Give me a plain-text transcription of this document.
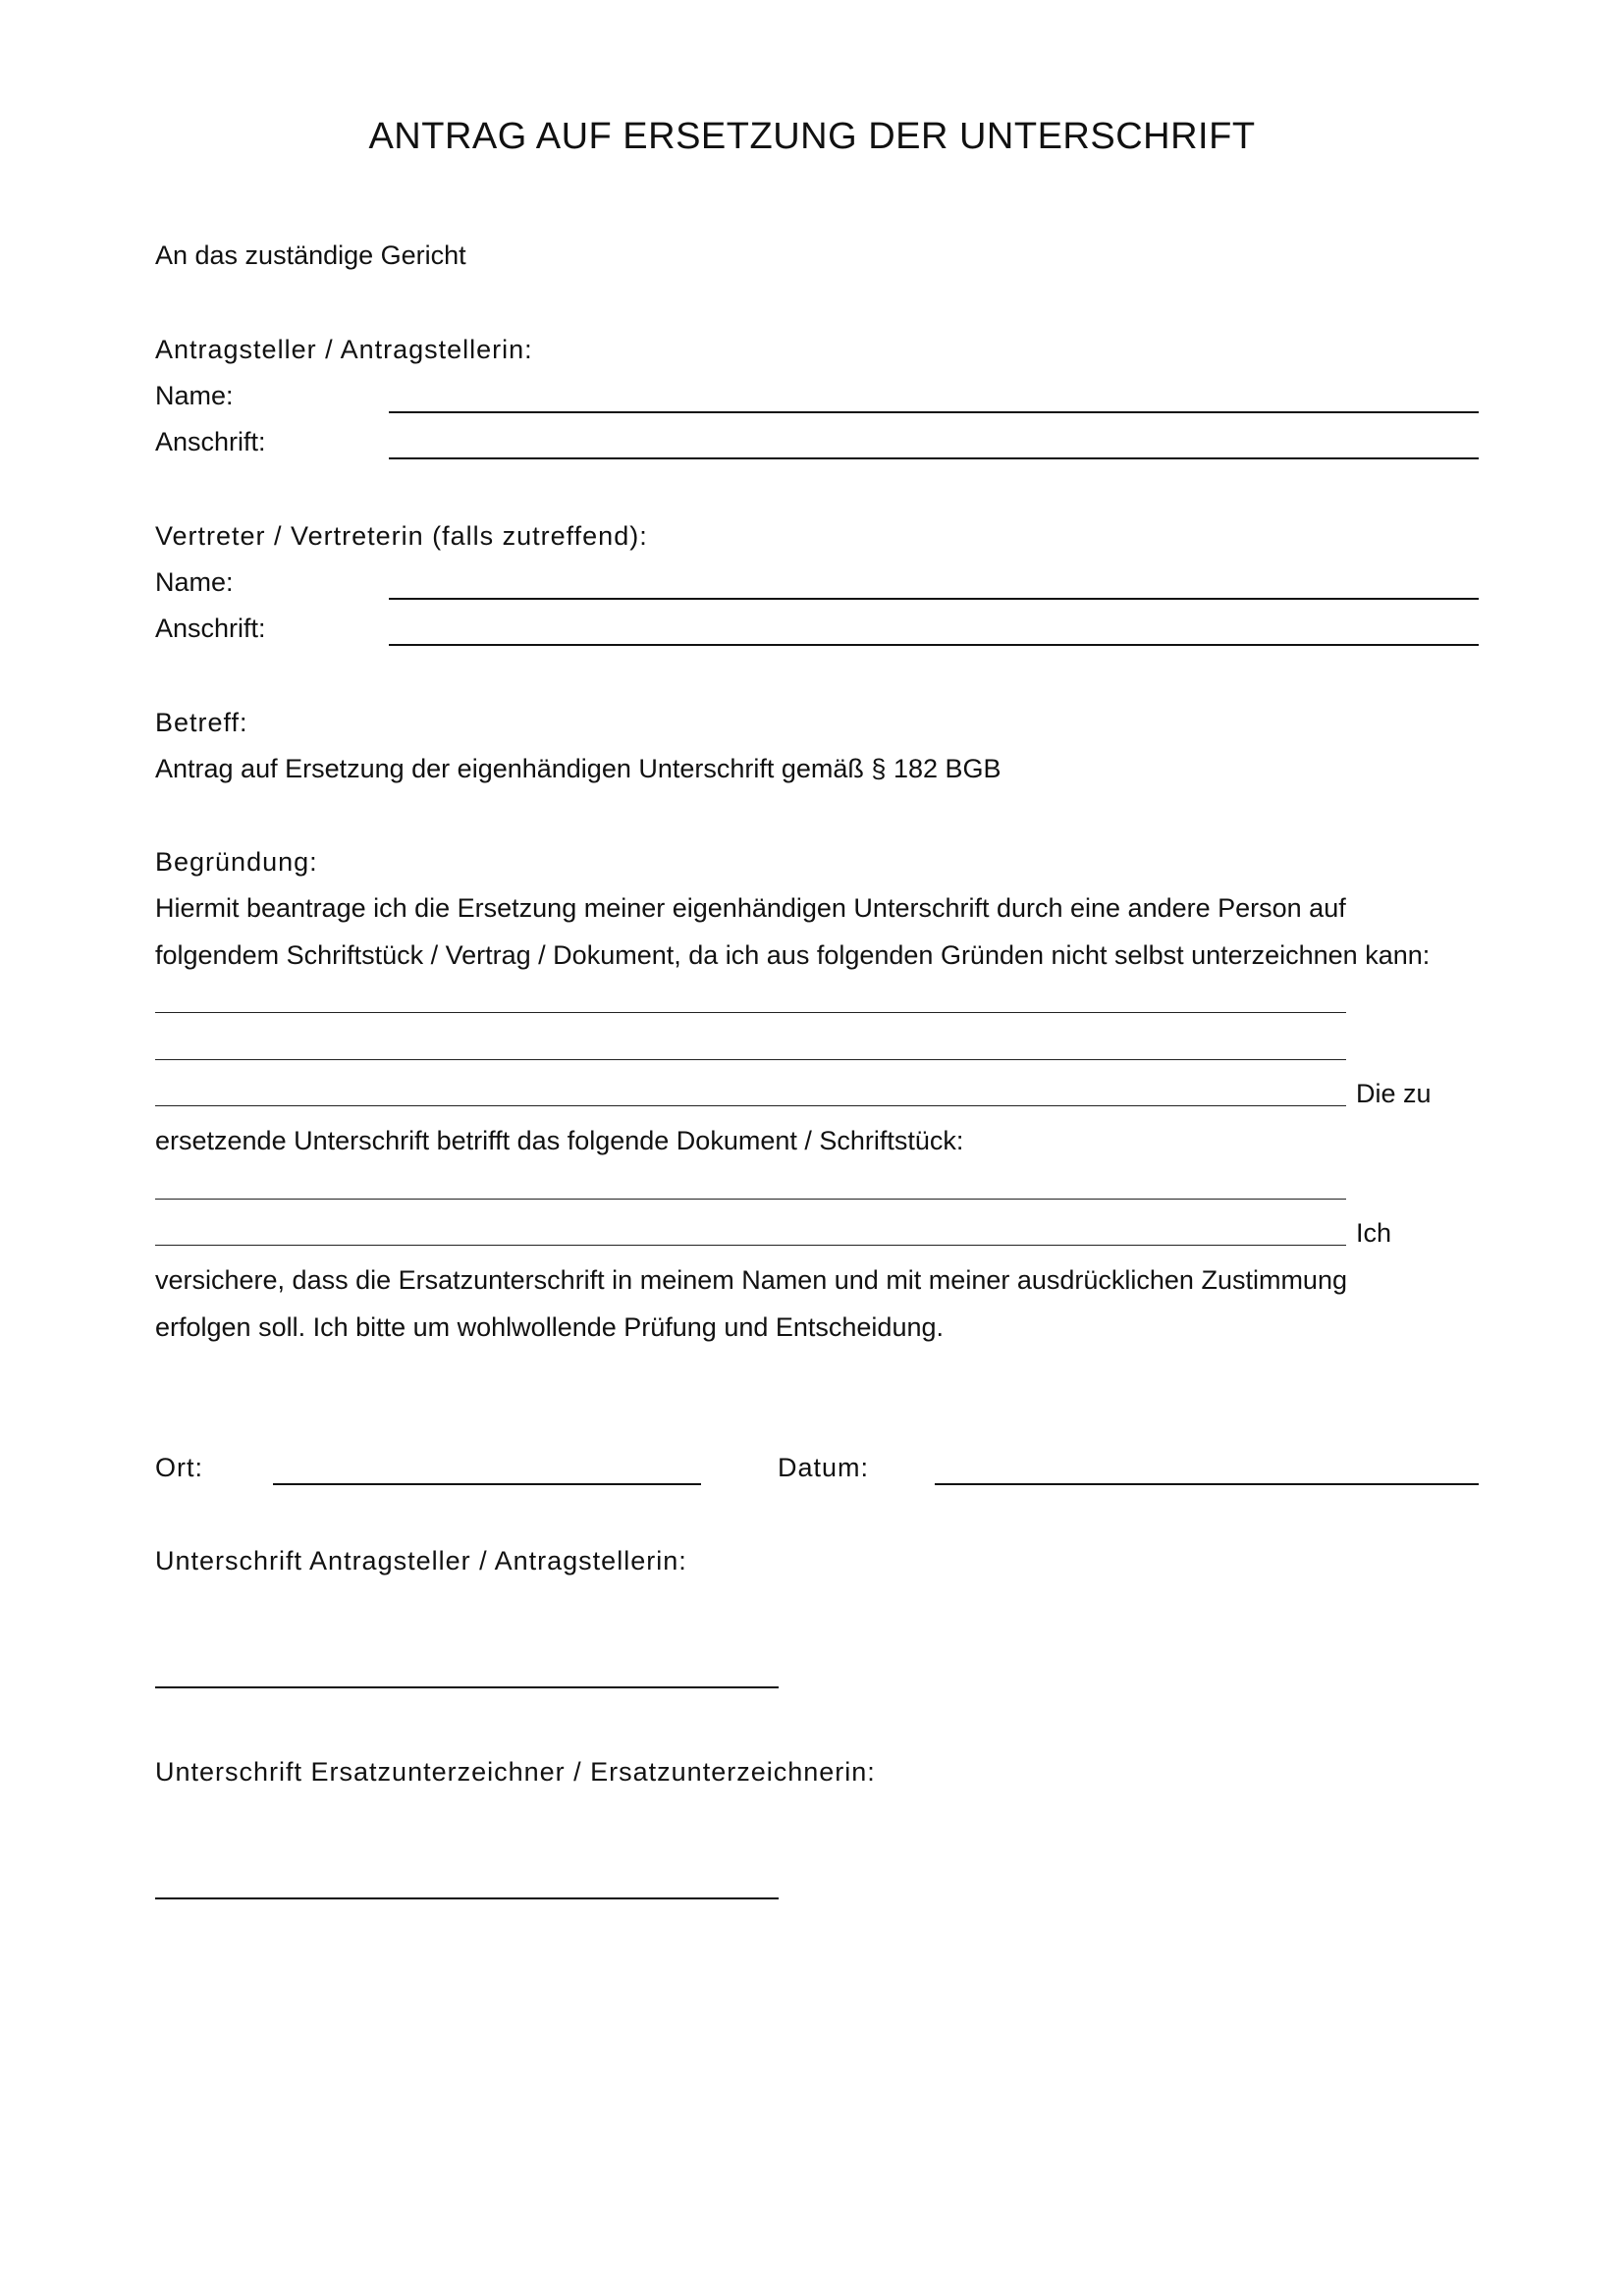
ANTRAG AUF ERSETZUNG DER UNTERSCHRIFT
An das zuständige Gericht
Antragsteller / Antragstellerin:
Name:
Anschrift:
Vertreter / Vertreterin (falls zutreffend):
Name:
Anschrift:
Betreff:
Antrag auf Ersetzung der eigenhändigen Unterschrift gemäß § 182 BGB
Begründung:
Hiermit beantrage ich die Ersetzung meiner eigenhändigen Unterschrift durch eine andere Person auf
folgendem Schriftstück / Vertrag / Dokument, da ich aus folgenden Gründen nicht selbst unterzeichnen kann:
Die zu
ersetzende Unterschrift betrifft das folgende Dokument / Schriftstück:
Ich
versichere, dass die Ersatzunterschrift in meinem Namen und mit meiner ausdrücklichen Zustimmung
erfolgen soll. Ich bitte um wohlwollende Prüfung und Entscheidung.
Ort:	Datum:
Unterschrift Antragsteller / Antragstellerin:
Unterschrift Ersatzunterzeichner / Ersatzunterzeichnerin:
